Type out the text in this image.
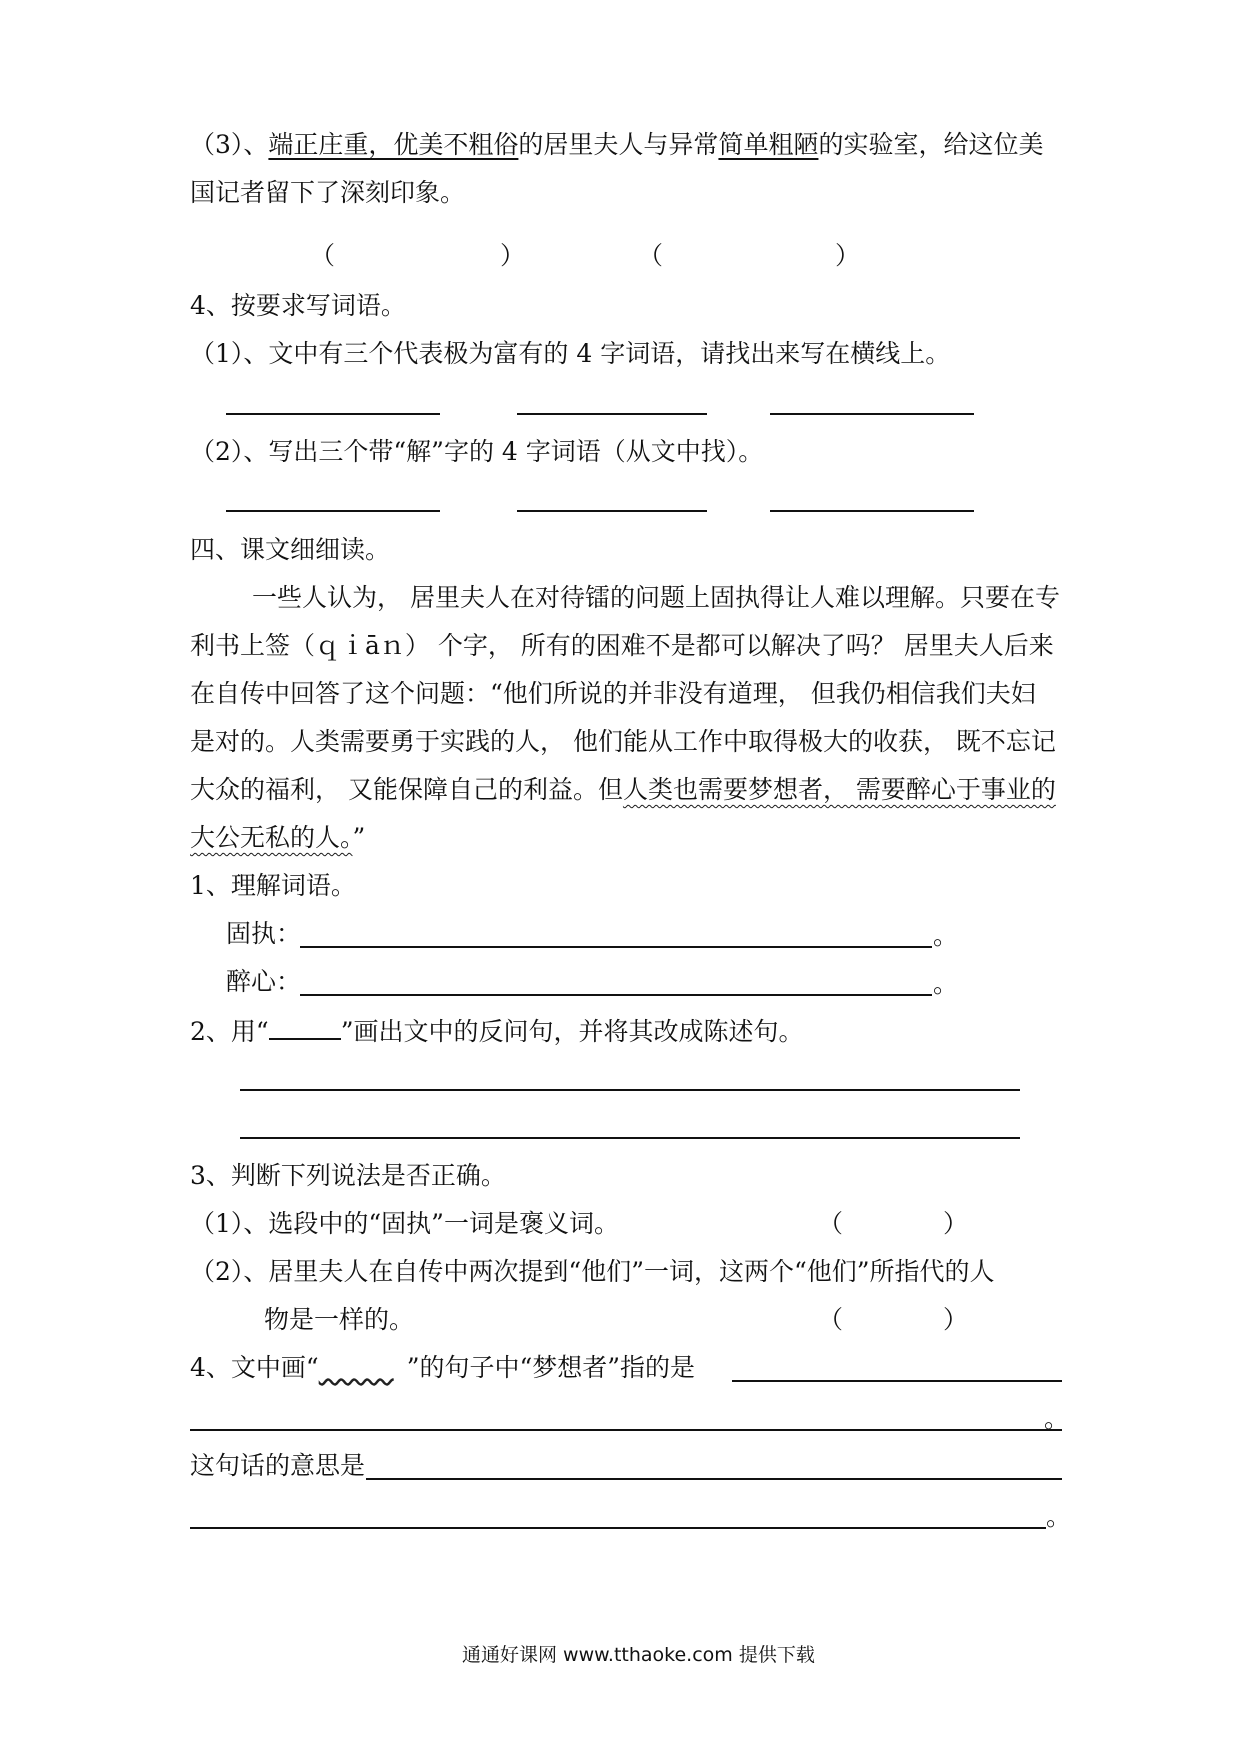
（3）、端正庄重，优美不粗俗的居里夫人与异常简单粗陋的实验室，给这位美
国记者留下了深刻印象。
（	）	（	）
4、按要求写词语。
（1）、文中有三个代表极为富有的 4 字词语，请找出来写在横线上。
（2）、写出三个带“解”字的 4 字词语（从文中找）。
四、课文细细读。
一些人认为， 居里夫人在对待镭的问题上固执得让人难以理解。只要在专
利书上签（ｑｉāｎ） 个字， 所有的困难不是都可以解决了吗？ 居里夫人后来
在自传中回答了这个问题：“他们所说的并非没有道理， 但我仍相信我们夫妇
是对的。人类需要勇于实践的人， 他们能从工作中取得极大的收获， 既不忘记
大众的福利， 又能保障自己的利益。但人类也需要梦想者， 需要醉心于事业的
大公无私的人。”
1、理解词语。
固执：	。
醉心：	。
2、用“	”画出文中的反问句，并将其改成陈述句。
3、判断下列说法是否正确。
（1）、选段中的“固执”一词是褒义词。	（　　　　）
（2）、居里夫人在自传中两次提到“他们”一词，这两个“他们”所指代的人
物是一样的。	（　　　　）
4、文中画“　　　	”的句子中“梦想者”指的是
。
这句话的意思是
。
通通好课网 www.tthaoke.com 提供下载
